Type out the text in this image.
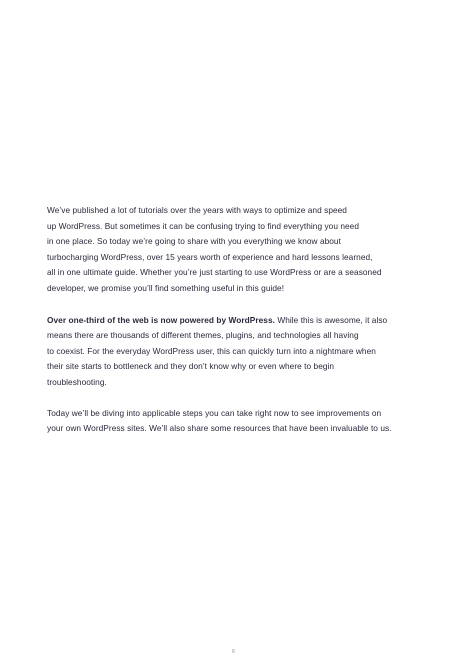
We’ve published a lot of tutorials over the years with ways to optimize and speed
up WordPress. But sometimes it can be confusing trying to find everything you need
in one place. So today we’re going to share with you everything we know about
turbocharging WordPress, over 15 years worth of experience and hard lessons learned,
all in one ultimate guide. Whether you’re just starting to use WordPress or are a seasoned
developer, we promise you’ll find something useful in this guide!

Over one-third of the web is now powered by WordPress. While this is awesome, it also
means there are thousands of different themes, plugins, and technologies all having
to coexist. For the everyday WordPress user, this can quickly turn into a nightmare when
their site starts to bottleneck and they don’t know why or even where to begin
troubleshooting.

Today we’ll be diving into applicable steps you can take right now to see improvements on
your own WordPress sites. We’ll also share some resources that have been invaluable to us.

6
